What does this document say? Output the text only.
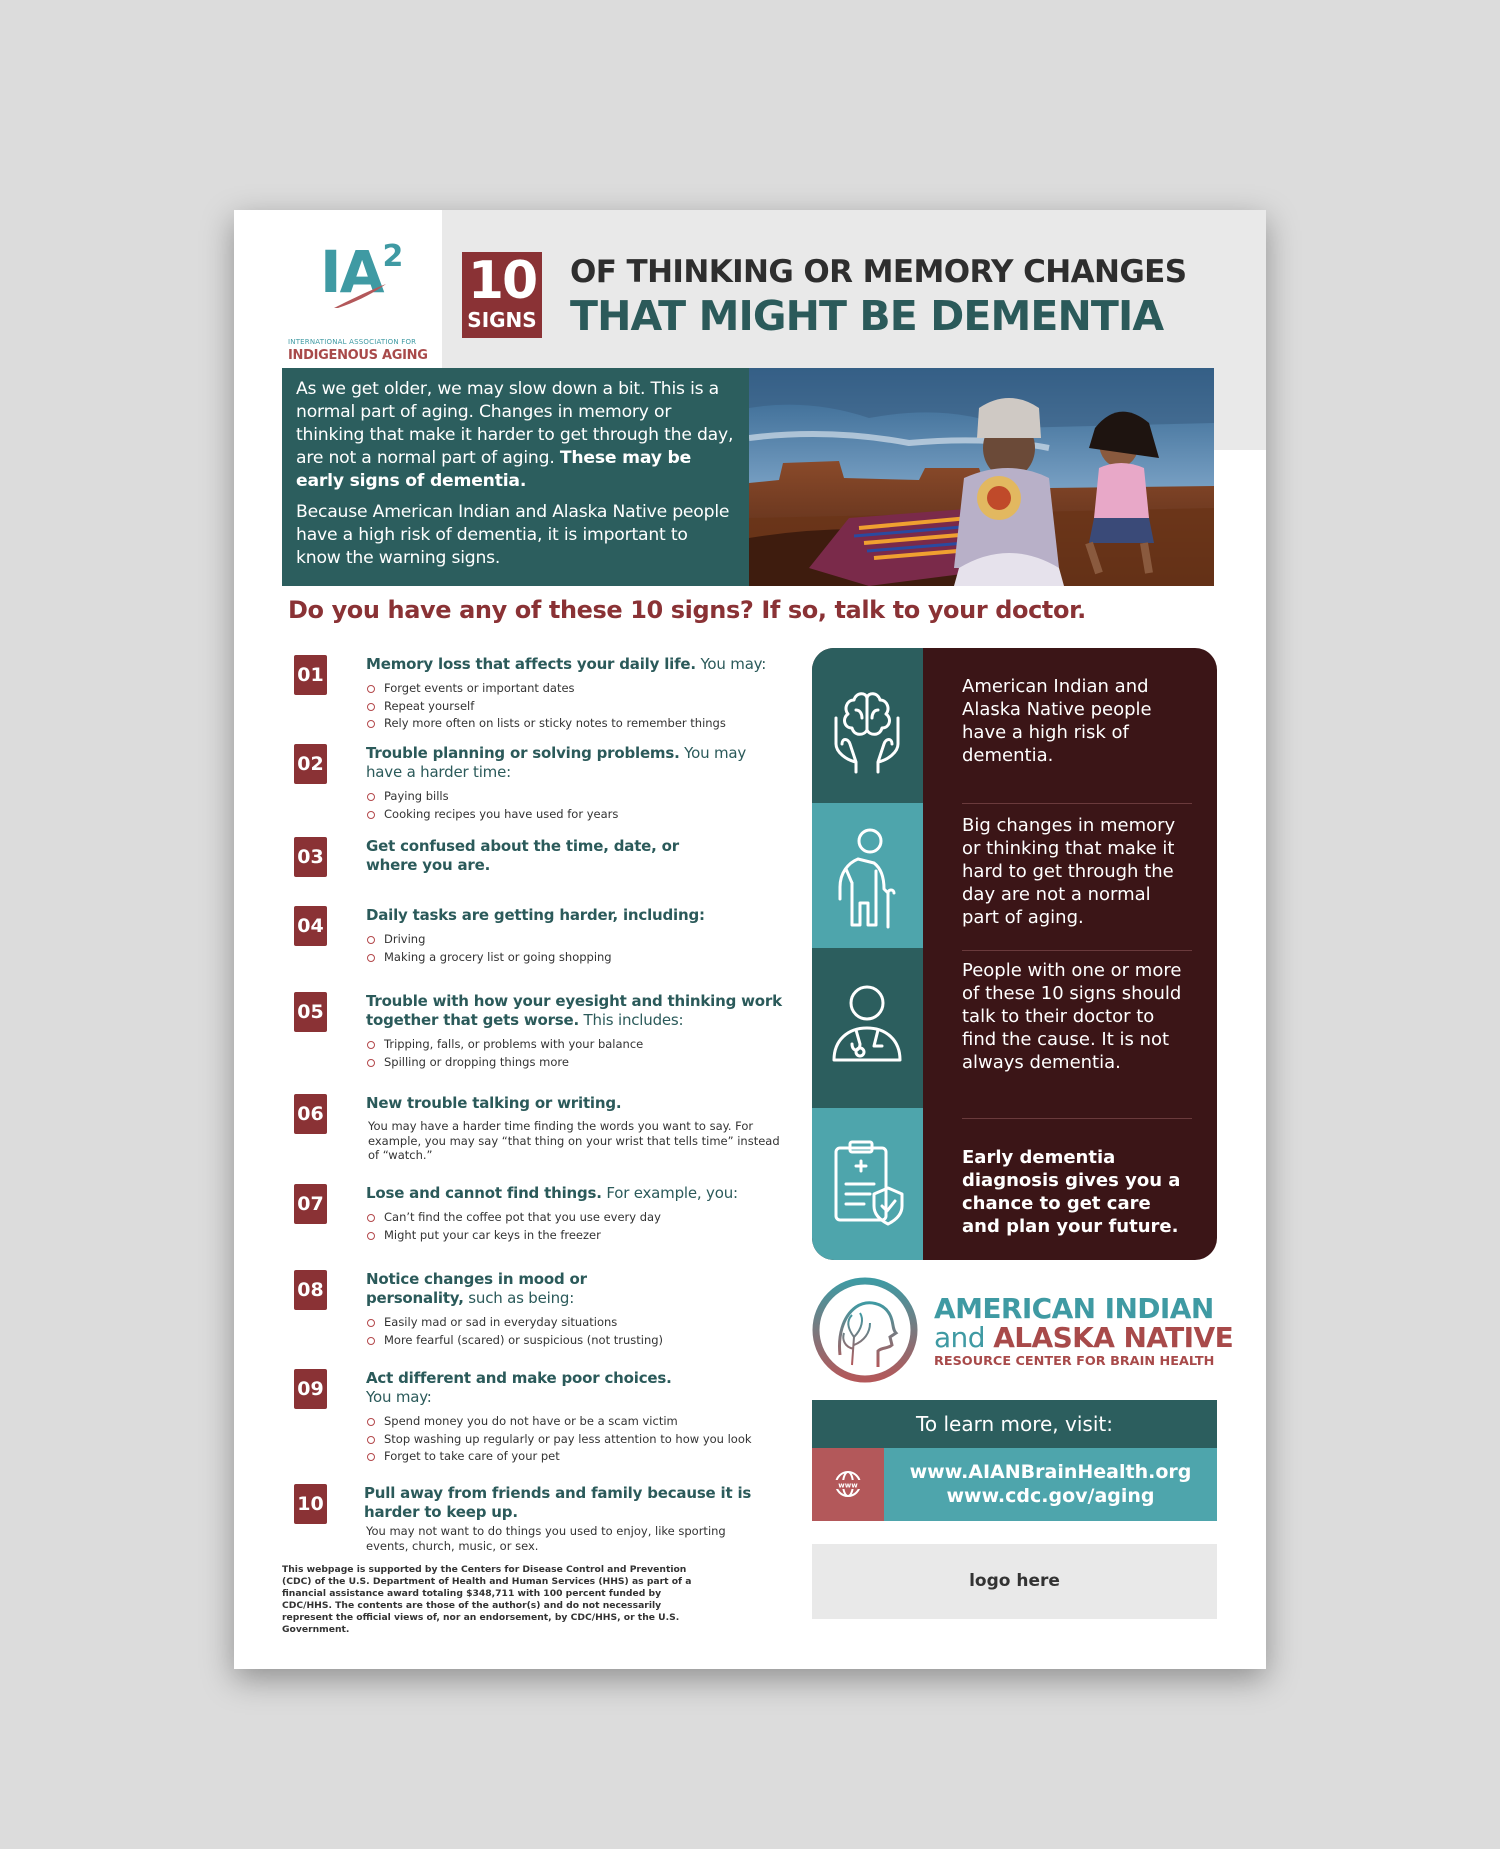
$IA^2$
INTERNATIONAL ASSOCIATION FOR
INDIGENOUS AGING
10
SIGNS
OF THINKING OR MEMORY CHANGES
THAT MIGHT BE DEMENTIA

As we get older, we may slow down a bit. This is a normal part of aging. Changes in memory or thinking that make it harder to get through the day, are not a normal part of aging. These may be early signs of dementia.

Because American Indian and Alaska Native people have a high risk of dementia, it is important to know the warning signs.

Do you have any of these 10 signs? If so, talk to your doctor.
01	Memory loss that affects your daily life. You may:
Forget events or important dates
Repeat yourself
Rely more often on lists or sticky notes to remember things
02	Trouble planning or solving problems. You may have a harder time:
Paying bills
Cooking recipes you have used for years
03	Get confused about the time, date, or where you are.
04	Daily tasks are getting harder, including:
Driving
Making a grocery list or going shopping
05	Trouble with how your eyesight and thinking work together that gets worse. This includes:
Tripping, falls, or problems with your balance
Spilling or dropping things more
06	New trouble talking or writing.
You may have a harder time finding the words you want to say. For example, you may say “that thing on your wrist that tells time” instead of “watch.”
07	Lose and cannot find things. For example, you:
Can’t find the coffee pot that you use every day
Might put your car keys in the freezer
08	Notice changes in mood or personality, such as being:
Easily mad or sad in everyday situations
More fearful (scared) or suspicious (not trusting)
09	Act different and make poor choices. You may:
Spend money you do not have or be a scam victim
Stop washing up regularly or pay less attention to how you look
Forget to take care of your pet
10	Pull away from friends and family because it is harder to keep up.
You may not want to do things you used to enjoy, like sporting events, church, music, or sex.
This webpage is supported by the Centers for Disease Control and Prevention (CDC) of the U.S. Department of Health and Human Services (HHS) as part of a financial assistance award totaling $348,711 with 100 percent funded by CDC/HHS. The contents are those of the author(s) and do not necessarily represent the official views of, nor an endorsement, by CDC/HHS, or the U.S. Government.
American Indian and Alaska Native people have a high risk of dementia.
Big changes in memory or thinking that make it hard to get through the day are not a normal part of aging.
People with one or more of these 10 signs should talk to their doctor to find the cause. It is not always dementia.
Early dementia diagnosis gives you a chance to get care and plan your future.
AMERICAN INDIAN
and ALASKA NATIVE
RESOURCE CENTER FOR BRAIN HEALTH
To learn more, visit:
www
www.AIANBrainHealth.org
www.cdc.gov/aging
logo here
